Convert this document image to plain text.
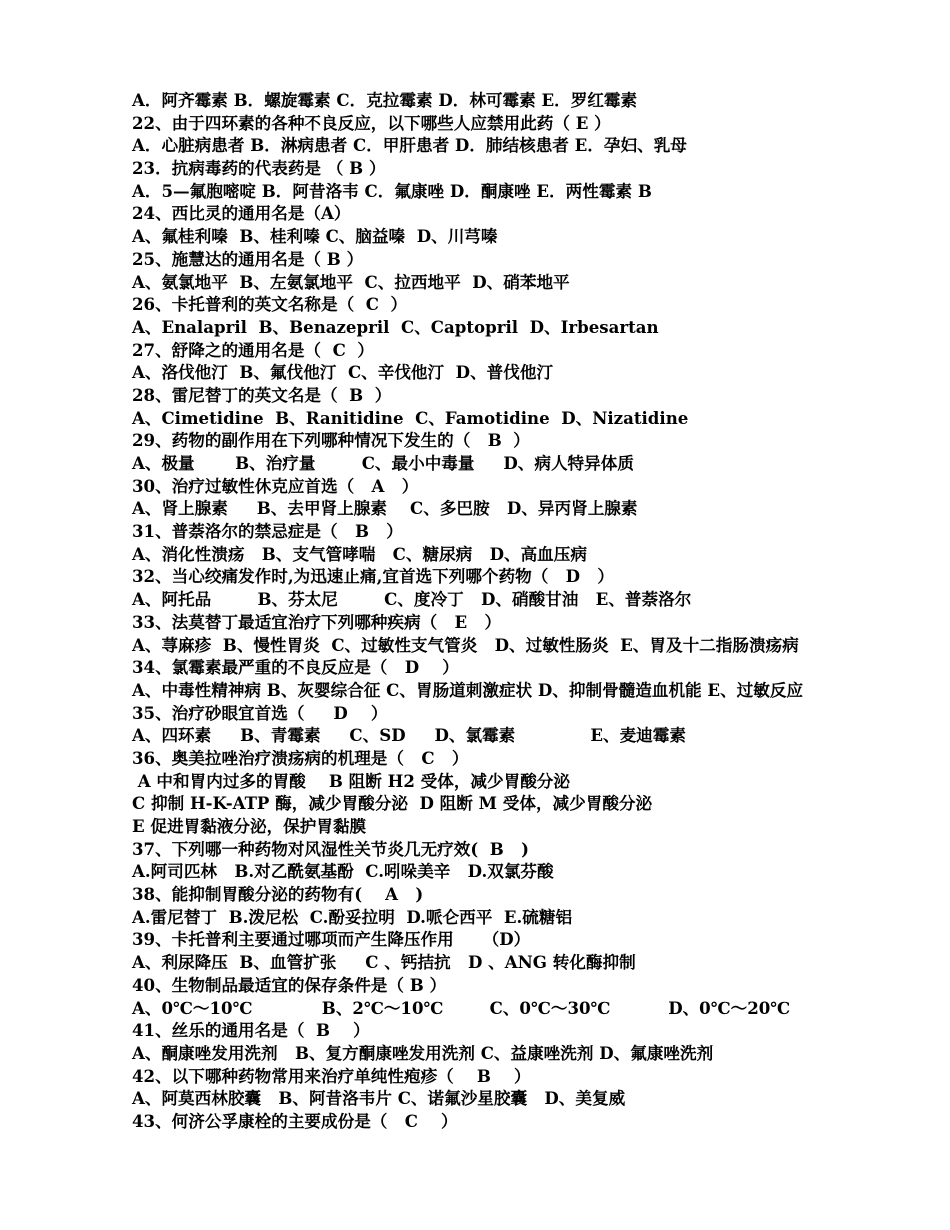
A．阿齐霉素 B．螺旋霉素 C．克拉霉素 D．林可霉素 E．罗红霉素
22、由于四环素的各种不良反应，以下哪些人应禁用此药（ E ）
A．心脏病患者 B．淋病患者 C．甲肝患者 D．肺结核患者 E．孕妇、乳母
23．抗病毒药的代表药是 （ B ）
A．5—氟胞嘧啶 B．阿昔洛韦 C．氟康唑 D．酮康唑 E．两性霉素 B
24、西比灵的通用名是（A）
A、氟桂利嗪  B、桂利嗪 C、脑益嗪  D、川芎嗪
25、施慧达的通用名是（ B ）
A、氨氯地平  B、左氨氯地平  C、拉西地平  D、硝苯地平
26、卡托普利的英文名称是（  C  ）
A、Enalapril  B、Benazepril  C、Captopril  D、Irbesartan
27、舒降之的通用名是（  C  ）
A、洛伐他汀  B、氟伐他汀  C、辛伐他汀  D、普伐他汀
28、雷尼替丁的英文名是（  B  ）
A、Cimetidine  B、Ranitidine  C、Famotidine  D、Nizatidine
29、药物的副作用在下列哪种情况下发生的（   B  ）
A、极量       B、治疗量        C、最小中毒量     D、病人特异体质
30、治疗过敏性休克应首选（   A   ）
A、肾上腺素     B、去甲肾上腺素    C、多巴胺   D、异丙肾上腺素
31、普萘洛尔的禁忌症是（   B   ）
A、消化性溃疡   B、支气管哮喘   C、糖尿病   D、高血压病
32、当心绞痛发作时,为迅速止痛,宜首选下列哪个药物（   D   ）
A、阿托品        B、芬太尼        C、度冷丁   D、硝酸甘油   E、普萘洛尔
33、法莫替丁最适宜治疗下列哪种疾病（   E   ）
A、荨麻疹  B、慢性胃炎  C、过敏性支气管炎   D、过敏性肠炎  E、胃及十二指肠溃疡病
34、氯霉素最严重的不良反应是（   D    ）
A、中毒性精神病 B、灰婴综合征 C、胃肠道刺激症状 D、抑制骨髓造血机能 E、过敏反应
35、治疗砂眼宜首选（     D    ）
A、四环素     B、青霉素     C、SD     D、氯霉素             E、麦迪霉素
36、奥美拉唑治疗溃疡病的机理是（   C   ）
A 中和胃内过多的胃酸    B 阻断 H2 受体，减少胃酸分泌
C 抑制 H-K-ATP 酶，减少胃酸分泌  D 阻断 M 受体，减少胃酸分泌
E 促进胃黏液分泌，保护胃黏膜
37、下列哪一种药物对风湿性关节炎几无疗效(  B   )
A.阿司匹林   B.对乙酰氨基酚  C.吲哚美辛   D.双氯芬酸
38、能抑制胃酸分泌的药物有(    A   )
A.雷尼替丁  B.泼尼松  C.酚妥拉明  D.哌仑西平  E.硫糖铝
39、卡托普利主要通过哪项而产生降压作用     （D）
A、利尿降压  B、血管扩张     C 、钙拮抗   D 、ANG 转化酶抑制
40、生物制品最适宜的保存条件是（ B ）
A、0℃～10℃            B、2℃～10℃        C、0℃～30℃          D、0℃～20℃
41、丝乐的通用名是（  B    ）
A、酮康唑发用洗剂   B、复方酮康唑发用洗剂 C、益康唑洗剂 D、氟康唑洗剂
42、以下哪种药物常用来治疗单纯性疱疹（    B    ）
A、阿莫西林胶囊   B、阿昔洛韦片 C、诺氟沙星胶囊   D、美复威
43、何济公孚康栓的主要成份是（   C    ）
